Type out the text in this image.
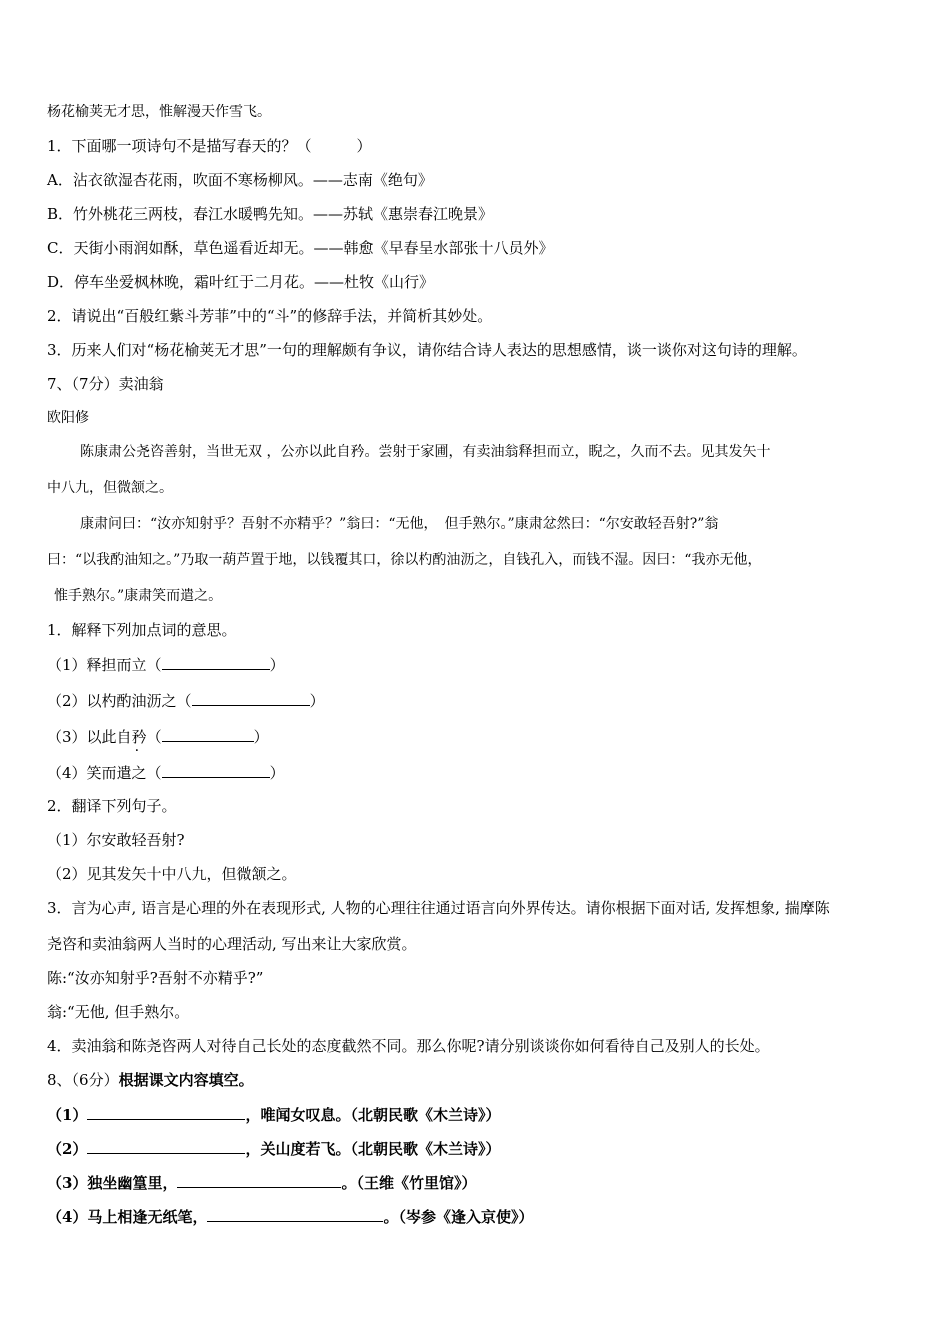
杨花榆荚无才思，惟解漫天作雪飞。
1．下面哪一项诗句不是描写春天的？（　　　）
A．沾衣欲湿杏花雨，吹面不寒杨柳风。——志南《绝句》
B．竹外桃花三两枝，春江水暖鸭先知。——苏轼《惠崇春江晚景》
C．天街小雨润如酥，草色遥看近却无。——韩愈《早春呈水部张十八员外》
D．停车坐爱枫林晚，霜叶红于二月花。——杜牧《山行》
2．请说出“百般红紫斗芳菲”中的“斗”的修辞手法，并简析其妙处。
3．历来人们对“杨花榆荚无才思”一句的理解颇有争议，请你结合诗人表达的思想感情，谈一谈你对这句诗的理解。
7、（7分）卖油翁
欧阳修
陈康肃公尧咨善射，当世无双 ，公亦以此自矜。尝射于家圃，有卖油翁释担而立，睨之，久而不去。见其发矢十
中八九，但微颔之。
康肃问曰：“汝亦知射乎？吾射不亦精乎？”翁曰：“无他，　但手熟尔。”康肃忿然曰：“尔安敢轻吾射?”翁
曰：“以我酌油知之。”乃取一葫芦置于地，以钱覆其口，徐以杓酌油沥之，自钱孔入，而钱不湿。因曰：“我亦无他，
惟手熟尔。”康肃笑而遣之。
1．解释下列加点词的意思。
（1）释担而立（	）
（2）以杓酌油沥之（	）
（3）以此自矜（	）
（4）笑而遣之（	）
2．翻译下列句子。
（1）尔安敢轻吾射?
（2）见其发矢十中八九，但微颔之。
3．言为心声, 语言是心理的外在表现形式, 人物的心理往往通过语言向外界传达。请你根据下面对话, 发挥想象, 揣摩陈
尧咨和卖油翁两人当时的心理活动, 写出来让大家欣赏。
陈:“汝亦知射乎?吾射不亦精乎?”
翁:“无他, 但手熟尔。
4．卖油翁和陈尧咨两人对待自己长处的态度截然不同。那么你呢?请分别谈谈你如何看待自己及别人的长处。
8、（6分）根据课文内容填空。
（1）	，唯闻女叹息。（北朝民歌《木兰诗》）
（2）	，关山度若飞。（北朝民歌《木兰诗》）
（3）独坐幽篁里，	。（王维《竹里馆》）
（4）马上相逢无纸笔，	。（岑参《逢入京使》）
